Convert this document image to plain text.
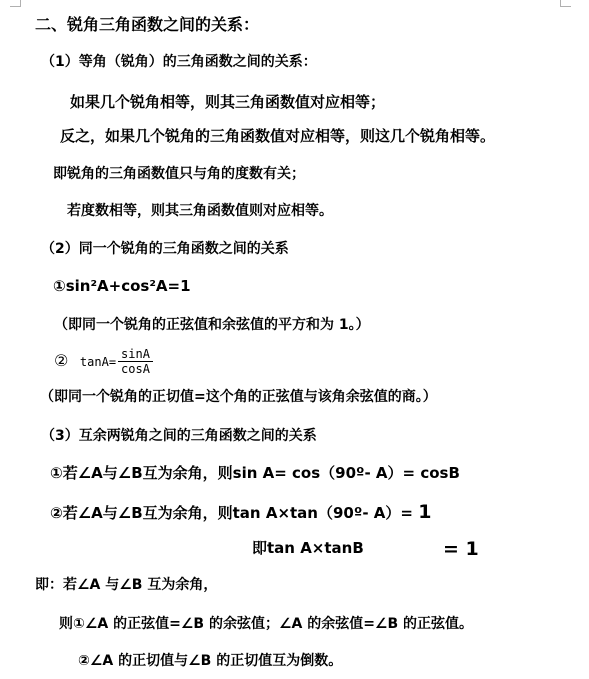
二、锐角三角函数之间的关系：
（1）等角（锐角）的三角函数之间的关系：
如果几个锐角相等，则其三角函数值对应相等；
反之，如果几个锐角的三角函数值对应相等，则这几个锐角相等。
即锐角的三角函数值只与角的度数有关；
若度数相等，则其三角函数值则对应相等。
（2）同一个锐角的三角函数之间的关系
①sin²A+cos²A=1
（即同一个锐角的正弦值和余弦值的平方和为 1。）
② $\tan A= \frac{\sin A}{\cos A}$
（即同一个锐角的正切值=这个角的正弦值与该角余弦值的商。）
（3）互余两锐角之间的三角函数之间的关系
①若∠A与∠B互为余角，则sin A= cos（90º- A）= cosB
②若∠A与∠B互为余角，则tan A×tan（90º- A）= 1
即tan A×tanB	= 1
即：若∠A 与∠B 互为余角，
则①∠A 的正弦值=∠B 的余弦值；∠A 的余弦值=∠B 的正弦值。
②∠A 的正切值与∠B 的正切值互为倒数。
